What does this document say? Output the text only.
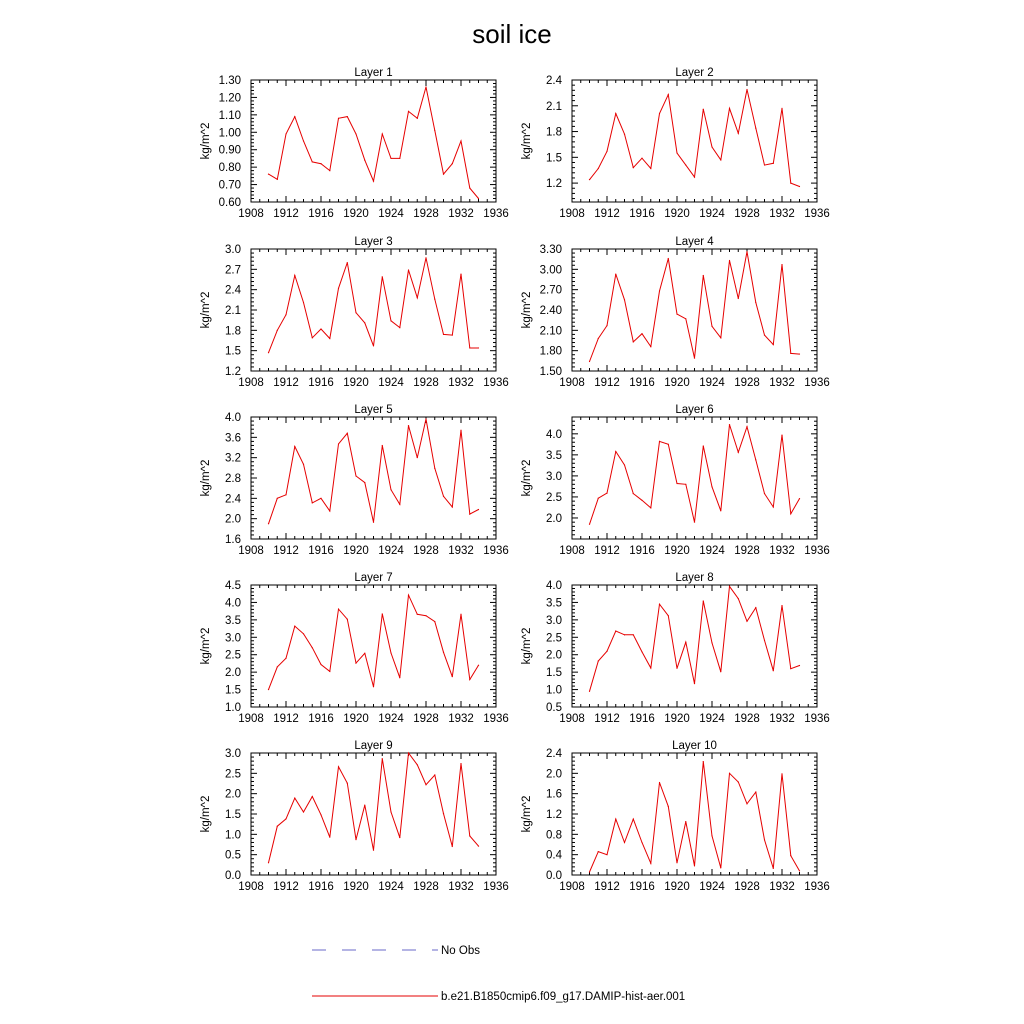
soil ice
Layer 1
1908 1912 1916 1920 1924 1928 1932 1936
0.60
0.70
0.80
0.90
1.00
1.10
1.20
1.30
kg/m^2
Layer 2
1908 1912 1916 1920 1924 1928 1932 1936
1.2
1.5
1.8
2.1
2.4
kg/m^2
Layer 3
1908 1912 1916 1920 1924 1928 1932 1936
1.2
1.5
1.8
2.1
2.4
2.7
3.0
kg/m^2
Layer 4
1908 1912 1916 1920 1924 1928 1932 1936
1.50
1.80
2.10
2.40
2.70
3.00
3.30
kg/m^2
Layer 5
1908 1912 1916 1920 1924 1928 1932 1936
1.6
2.0
2.4
2.8
3.2
3.6
4.0
kg/m^2
Layer 6
1908 1912 1916 1920 1924 1928 1932 1936
2.0
2.5
3.0
3.5
4.0
kg/m^2
Layer 7
1908 1912 1916 1920 1924 1928 1932 1936
1.0
1.5
2.0
2.5
3.0
3.5
4.0
4.5
kg/m^2
Layer 8
1908 1912 1916 1920 1924 1928 1932 1936
0.5
1.0
1.5
2.0
2.5
3.0
3.5
4.0
kg/m^2
Layer 9
1908 1912 1916 1920 1924 1928 1932 1936
0.0
0.5
1.0
1.5
2.0
2.5
3.0
kg/m^2
Layer 10
1908 1912 1916 1920 1924 1928 1932 1936
0.0
0.4
0.8
1.2
1.6
2.0
2.4
kg/m^2
No Obs
b.e21.B1850cmip6.f09_g17.DAMIP-hist-aer.001
